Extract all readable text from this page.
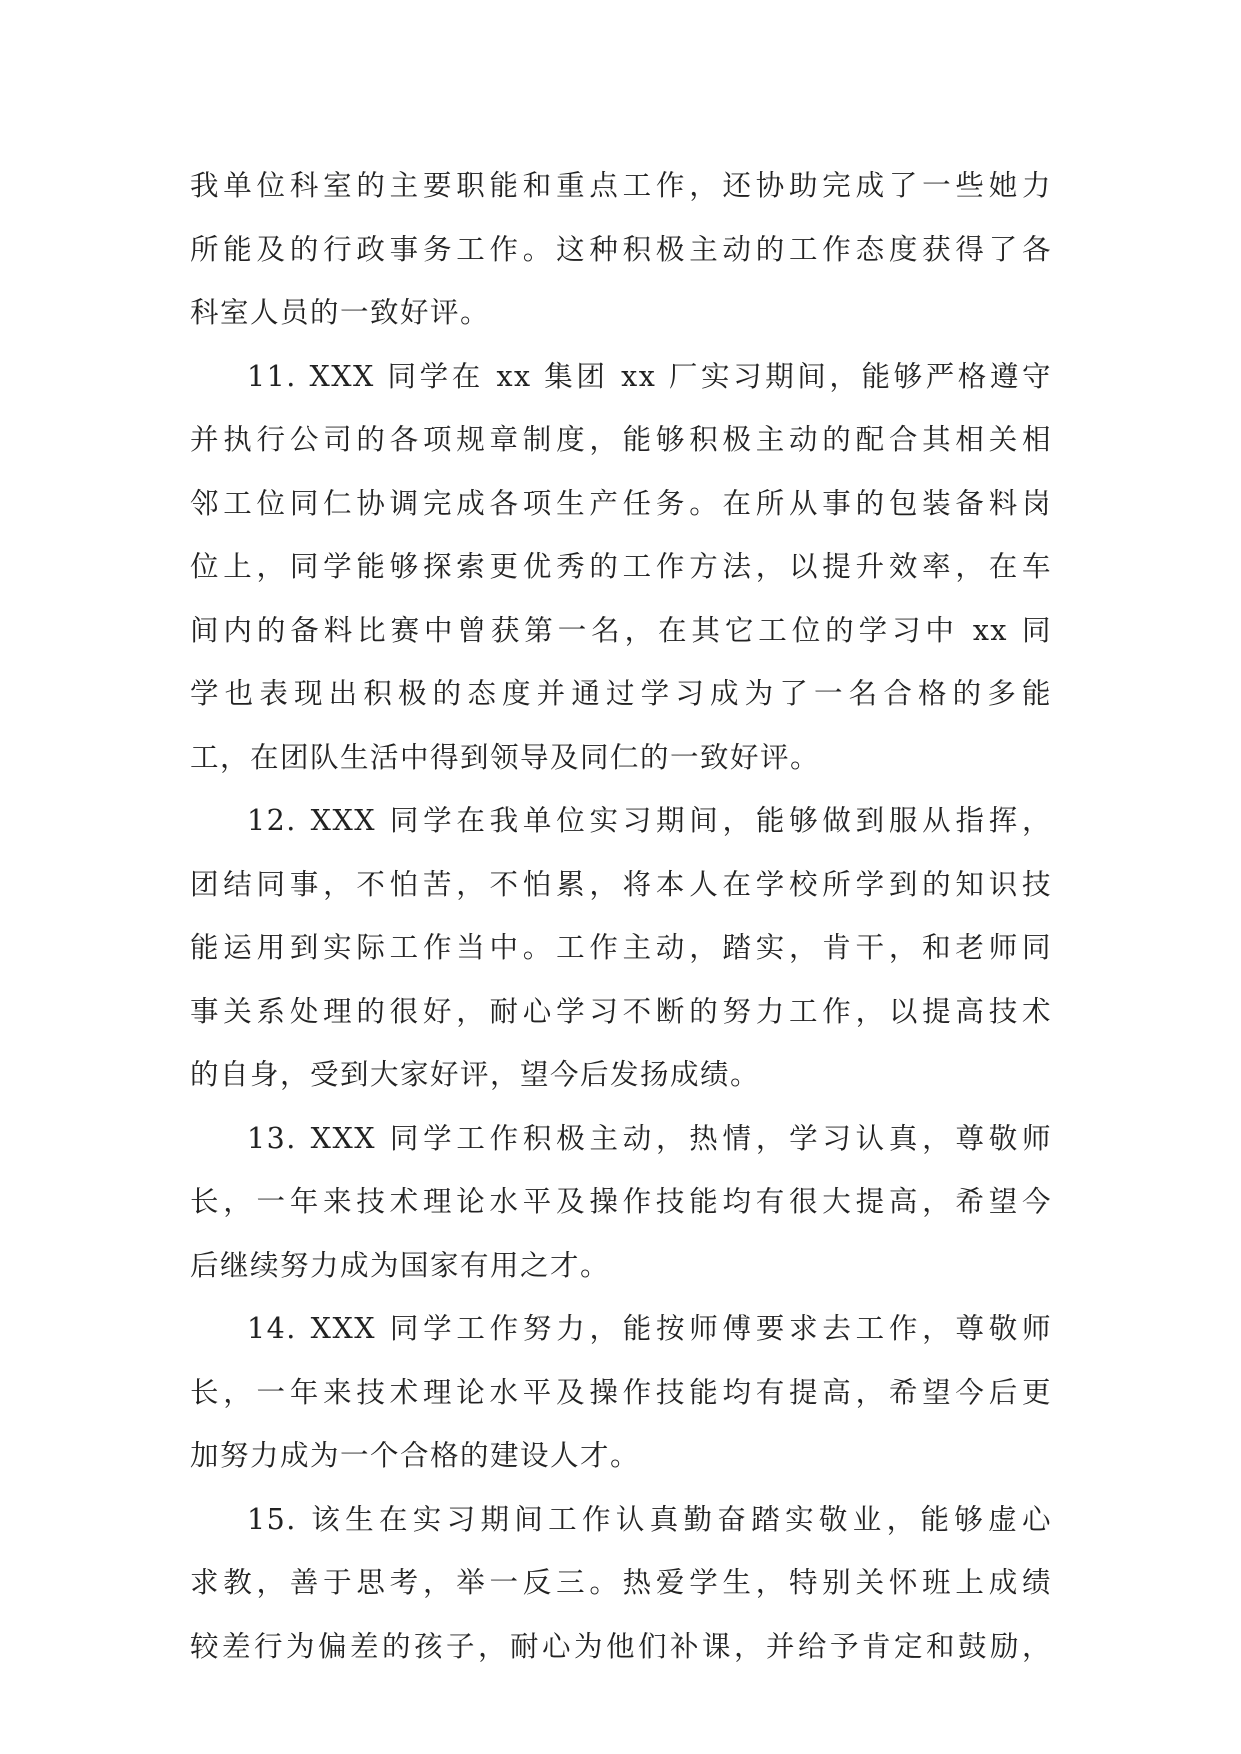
我单位科室的主要职能和重点工作，还协助完成了一些她力
所能及的行政事务工作。这种积极主动的工作态度获得了各
科室人员的一致好评。

11. XXX 同学在 xx 集团 xx 厂实习期间，能够严格遵守
并执行公司的各项规章制度，能够积极主动的配合其相关相
邻工位同仁协调完成各项生产任务。在所从事的包装备料岗
位上，同学能够探索更优秀的工作方法，以提升效率，在车
间内的备料比赛中曾获第一名，在其它工位的学习中 xx 同
学也表现出积极的态度并通过学习成为了一名合格的多能
工，在团队生活中得到领导及同仁的一致好评。

12. XXX 同学在我单位实习期间，能够做到服从指挥，
团结同事，不怕苦，不怕累，将本人在学校所学到的知识技
能运用到实际工作当中。工作主动，踏实，肯干，和老师同
事关系处理的很好，耐心学习不断的努力工作，以提高技术
的自身，受到大家好评，望今后发扬成绩。

13. XXX 同学工作积极主动，热情，学习认真，尊敬师
长，一年来技术理论水平及操作技能均有很大提高，希望今
后继续努力成为国家有用之才。

14. XXX 同学工作努力，能按师傅要求去工作，尊敬师
长，一年来技术理论水平及操作技能均有提高，希望今后更
加努力成为一个合格的建设人才。

15. 该生在实习期间工作认真勤奋踏实敬业，能够虚心
求教，善于思考，举一反三。热爱学生，特别关怀班上成绩
较差行为偏差的孩子，耐心为他们补课，并给予肯定和鼓励，
